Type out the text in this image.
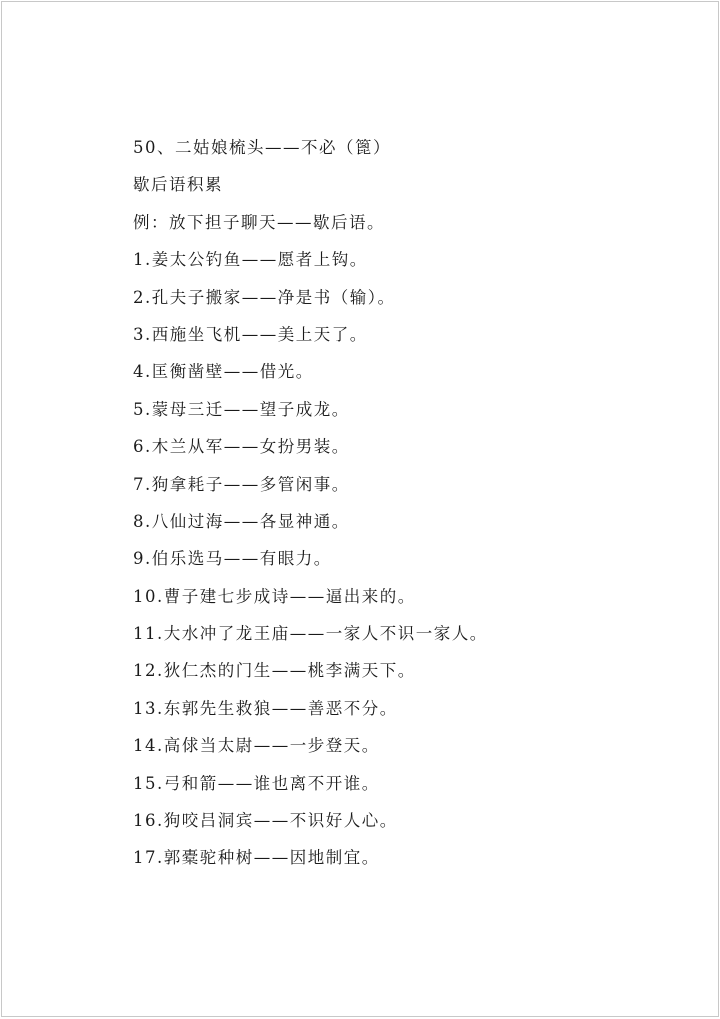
50、二姑娘梳头——不必（篦）
歇后语积累
例：放下担子聊天——歇后语。
1.姜太公钓鱼——愿者上钩。
2.孔夫子搬家——净是书（输）。
3.西施坐飞机——美上天了。
4.匡衡凿壁——借光。
5.蒙母三迁——望子成龙。
6.木兰从军——女扮男装。
7.狗拿耗子——多管闲事。
8.八仙过海——各显神通。
9.伯乐选马——有眼力。
10.曹子建七步成诗——逼出来的。
11.大水冲了龙王庙——一家人不识一家人。
12.狄仁杰的门生——桃李满天下。
13.东郭先生救狼——善恶不分。
14.高俅当太尉——一步登天。
15.弓和箭——谁也离不开谁。
16.狗咬吕洞宾——不识好人心。
17.郭橐驼种树——因地制宜。
